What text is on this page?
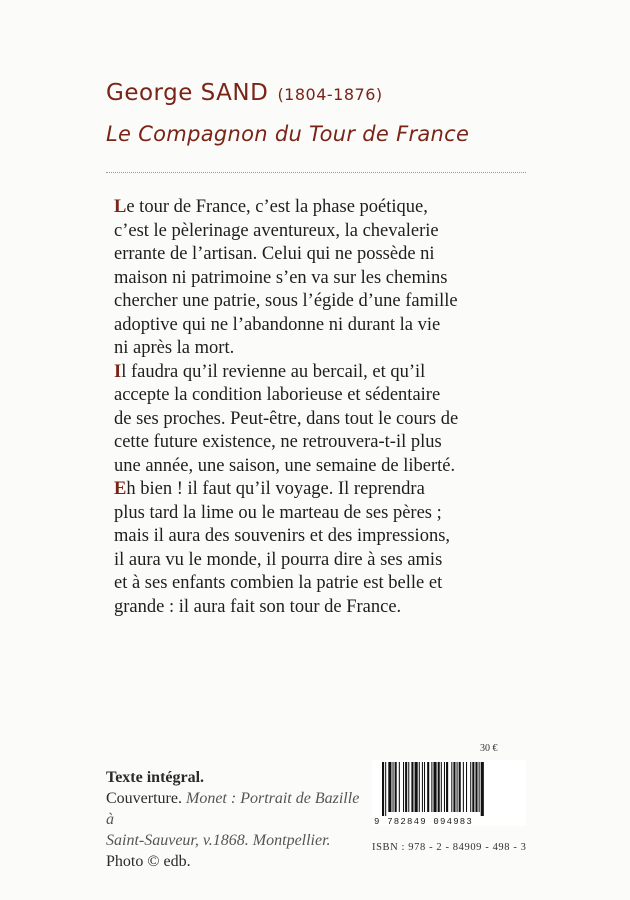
George SAND (1804-1876)
Le Compagnon du Tour de France
Le tour de France, c’est la phase poétique,
c’est le pèlerinage aventureux, la chevalerie
errante de l’artisan. Celui qui ne possède ni
maison ni patrimoine s’en va sur les chemins
chercher une patrie, sous l’égide d’une famille
adoptive qui ne l’abandonne ni durant la vie
ni après la mort.
Il faudra qu’il revienne au bercail, et qu’il
accepte la condition laborieuse et sédentaire
de ses proches. Peut-être, dans tout le cours de
cette future existence, ne retrouvera-t-il plus
une année, une saison, une semaine de liberté.
Eh bien ! il faut qu’il voyage. Il reprendra
plus tard la lime ou le marteau de ses pères ;
mais il aura des souvenirs et des impressions,
il aura vu le monde, il pourra dire à ses amis
et à ses enfants combien la patrie est belle et
grande : il aura fait son tour de France.
Texte intégral.
Couverture. Monet : Portrait de Bazille à
Saint-Sauveur, v.1868. Montpellier.
Photo © edb.
30 €
9 782849 094983
ISBN : 978 - 2 - 84909 - 498 - 3
